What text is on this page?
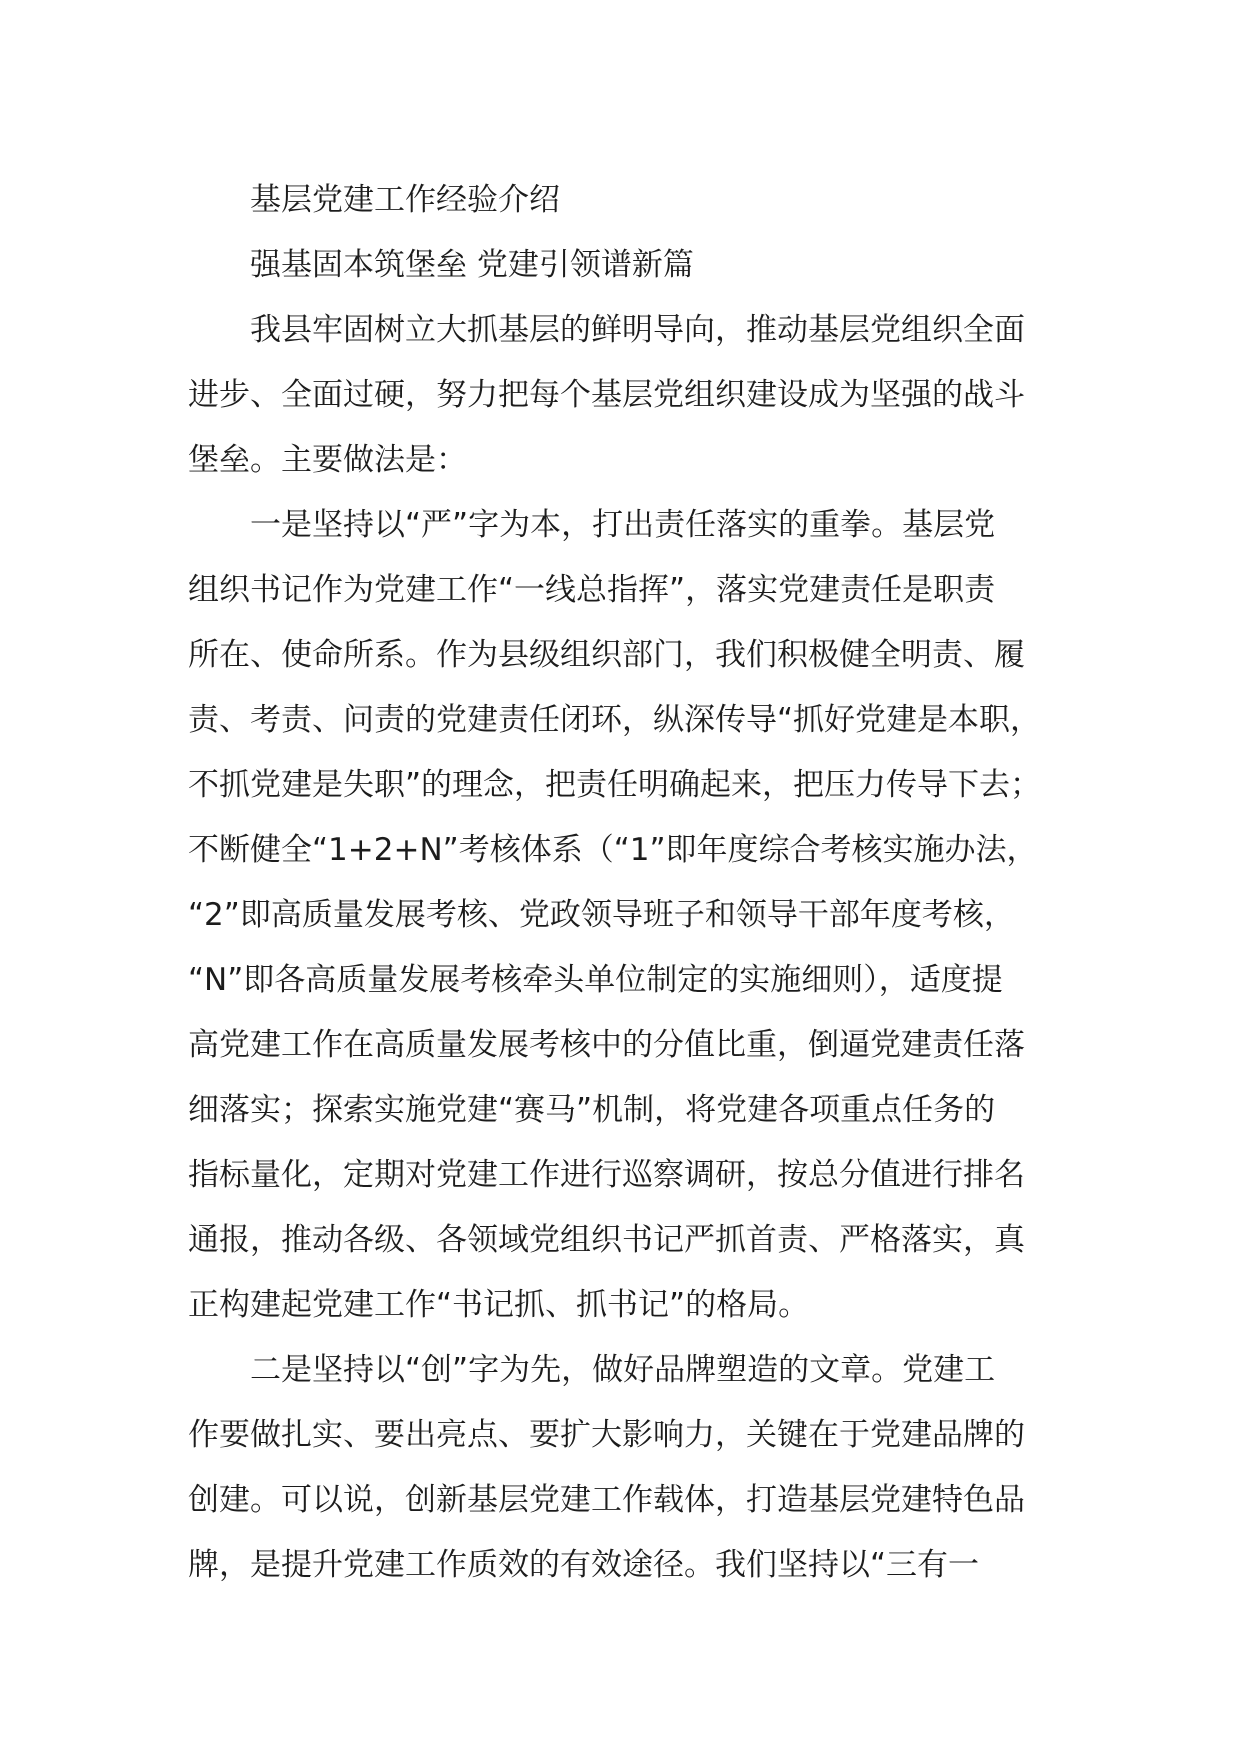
基层党建工作经验介绍
强基固本筑堡垒 党建引领谱新篇
我县牢固树立大抓基层的鲜明导向，推动基层党组织全面
进步、全面过硬，努力把每个基层党组织建设成为坚强的战斗
堡垒。主要做法是：
一是坚持以“严”字为本，打出责任落实的重拳。基层党
组织书记作为党建工作“一线总指挥”，落实党建责任是职责
所在、使命所系。作为县级组织部门，我们积极健全明责、履
责、考责、问责的党建责任闭环，纵深传导“抓好党建是本职，
不抓党建是失职”的理念，把责任明确起来，把压力传导下去；
不断健全“1+2+N”考核体系（“1”即年度综合考核实施办法，
“2”即高质量发展考核、党政领导班子和领导干部年度考核，
“N”即各高质量发展考核牵头单位制定的实施细则），适度提
高党建工作在高质量发展考核中的分值比重，倒逼党建责任落
细落实；探索实施党建“赛马”机制，将党建各项重点任务的
指标量化，定期对党建工作进行巡察调研，按总分值进行排名
通报，推动各级、各领域党组织书记严抓首责、严格落实，真
正构建起党建工作“书记抓、抓书记”的格局。
二是坚持以“创”字为先，做好品牌塑造的文章。党建工
作要做扎实、要出亮点、要扩大影响力，关键在于党建品牌的
创建。可以说，创新基层党建工作载体，打造基层党建特色品
牌，是提升党建工作质效的有效途径。我们坚持以“三有一
